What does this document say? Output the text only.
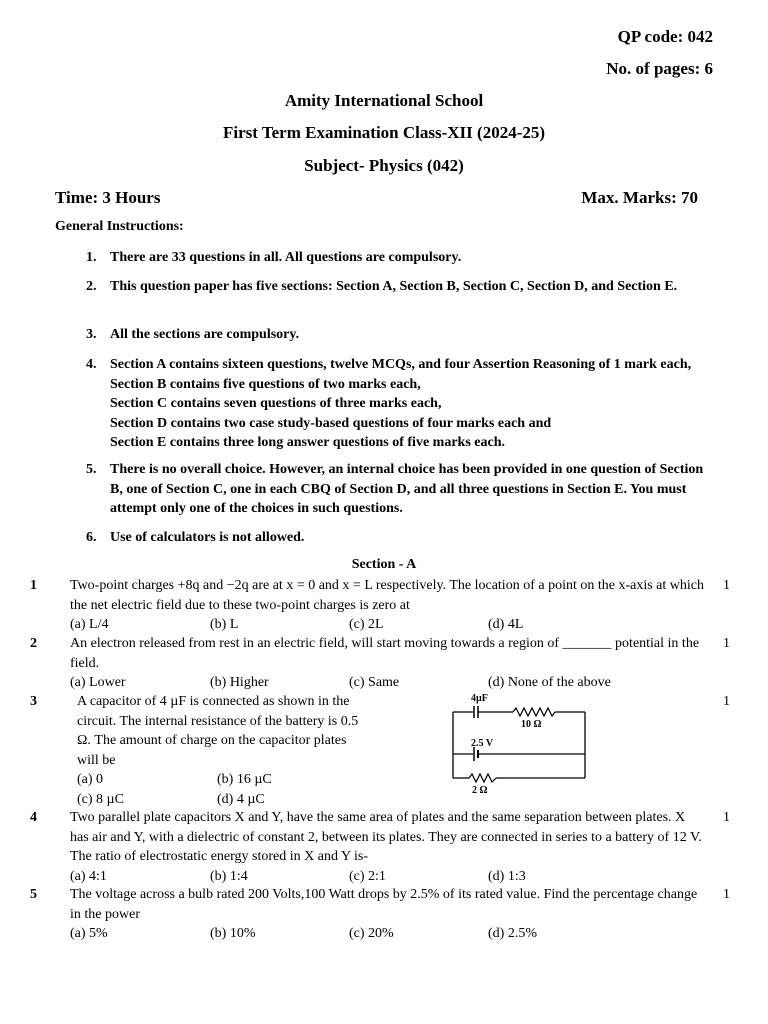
QP code: 042
No. of pages: 6
Amity International School
First Term Examination Class-XII (2024-25)
Subject- Physics (042)
Time: 3 Hours	Max. Marks: 70
General Instructions:
1. There are 33 questions in all. All questions are compulsory.
2. This question paper has five sections: Section A, Section B, Section C, Section D, and Section E.
3. All the sections are compulsory.
4. Section A contains sixteen questions, twelve MCQs, and four Assertion Reasoning of 1 mark each, Section B contains five questions of two marks each,
Section C contains seven questions of three marks each,
Section D contains two case study-based questions of four marks each and
Section E contains three long answer questions of five marks each.
5. There is no overall choice. However, an internal choice has been provided in one question of Section B, one of Section C, one in each CBQ of Section D, and all three questions in Section E. You must attempt only one of the choices in such questions.
6. Use of calculators is not allowed.
Section - A
1	1
Two-point charges +8q and −2q are at x = 0 and x = L respectively. The location of a point on the x-axis at which the net electric field due to these two-point charges is zero at
(a) L/4	(b) L	(c) 2L	(d) 4L
2	1
An electron released from rest in an electric field, will start moving towards a region of _______ potential in the field.
(a) Lower	(b) Higher	(c) Same	(d) None of the above
3	1
A capacitor of 4 µF is connected as shown in the circuit. The internal resistance of the battery is 0.5 Ω. The amount of charge on the capacitor plates will be
(a) 0	(b) 16 µC
(c) 8 µC	(d) 4 µC
4µF
10 Ω
2.5 V
2 Ω
4	1
Two parallel plate capacitors X and Y, have the same area of plates and the same separation between plates. X has air and Y, with a dielectric of constant 2, between its plates. They are connected in series to a battery of 12 V. The ratio of electrostatic energy stored in X and Y is-
(a) 4:1	(b) 1:4	(c) 2:1	(d) 1:3
5	1
The voltage across a bulb rated 200 Volts,100 Watt drops by 2.5% of its rated value. Find the percentage change in the power
(a) 5%	(b) 10%	(c) 20%	(d) 2.5%
